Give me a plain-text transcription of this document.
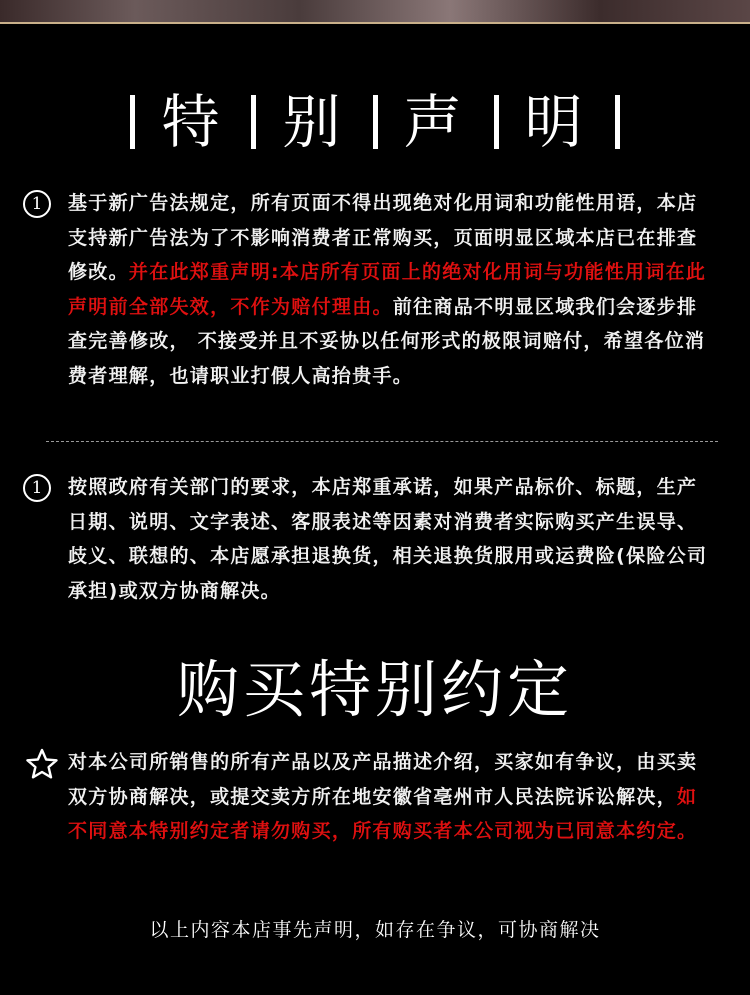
特 别 声 明
1	基于新广告法规定，所有页面不得出现绝对化用词和功能性用语，本店支持新广告法为了不影响消费者正常购买，页面明显区域本店已在排查修改。并在此郑重声明:本店所有页面上的绝对化用词与功能性用词在此声明前全部失效，不作为赔付理由。前往商品不明显区域我们会逐步排查完善修改， 不接受并且不妥协以任何形式的极限词赔付，希望各位消费者理解，也请职业打假人高抬贵手。
1	按照政府有关部门的要求，本店郑重承诺，如果产品标价、标题，生产日期、说明、文字表述、客服表述等因素对消费者实际购买产生误导、歧义、联想的、本店愿承担退换货，相关退换货服用或运费险(保险公司承担)或双方协商解决。
购买特别约定
对本公司所销售的所有产品以及产品描述介绍，买家如有争议，由买卖双方协商解决，或提交卖方所在地安徽省亳州市人民法院诉讼解决，如不同意本特别约定者请勿购买，所有购买者本公司视为已同意本约定。
以上内容本店事先声明，如存在争议，可协商解决
